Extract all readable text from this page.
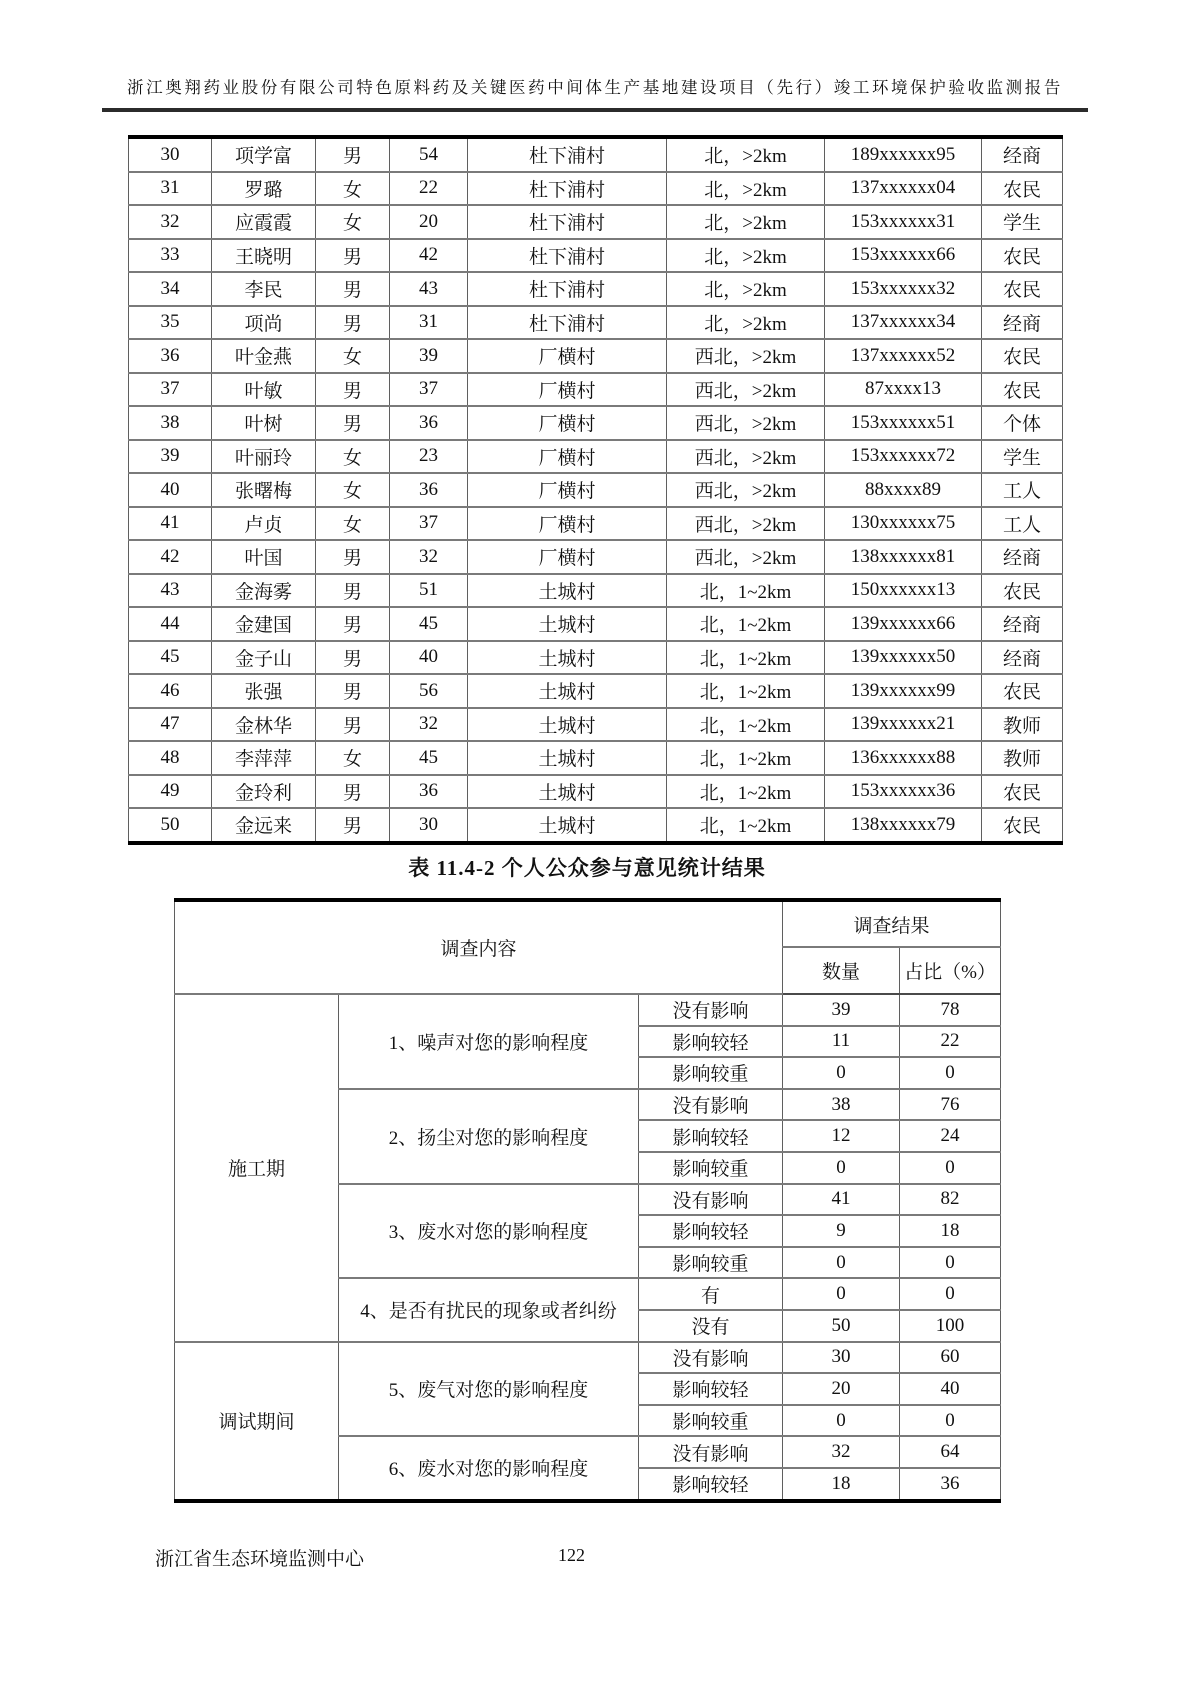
浙江奥翔药业股份有限公司特色原料药及关键医药中间体生产基地建设项目（先行）竣工环境保护验收监测报告
30	项学富	男	54	杜下浦村	北，>2km	189xxxxxx95	经商
31	罗璐	女	22	杜下浦村	北，>2km	137xxxxxx04	农民
32	应霞霞	女	20	杜下浦村	北，>2km	153xxxxxx31	学生
33	王晓明	男	42	杜下浦村	北，>2km	153xxxxxx66	农民
34	李民	男	43	杜下浦村	北，>2km	153xxxxxx32	农民
35	项尚	男	31	杜下浦村	北，>2km	137xxxxxx34	经商
36	叶金燕	女	39	厂横村	西北，>2km	137xxxxxx52	农民
37	叶敏	男	37	厂横村	西北，>2km	87xxxx13	农民
38	叶树	男	36	厂横村	西北，>2km	153xxxxxx51	个体
39	叶丽玲	女	23	厂横村	西北，>2km	153xxxxxx72	学生
40	张曙梅	女	36	厂横村	西北，>2km	88xxxx89	工人
41	卢贞	女	37	厂横村	西北，>2km	130xxxxxx75	工人
42	叶国	男	32	厂横村	西北，>2km	138xxxxxx81	经商
43	金海雾	男	51	土城村	北，1~2km	150xxxxxx13	农民
44	金建国	男	45	土城村	北，1~2km	139xxxxxx66	经商
45	金子山	男	40	土城村	北，1~2km	139xxxxxx50	经商
46	张强	男	56	土城村	北，1~2km	139xxxxxx99	农民
47	金林华	男	32	土城村	北，1~2km	139xxxxxx21	教师
48	李萍萍	女	45	土城村	北，1~2km	136xxxxxx88	教师
49	金玲利	男	36	土城村	北，1~2km	153xxxxxx36	农民
50	金远来	男	30	土城村	北，1~2km	138xxxxxx79	农民
表 11.4-2 个人公众参与意见统计结果
调查内容			调查结果	
			数量	占比（%）
施工期	1、噪声对您的影响程度	没有影响	39	78
		影响较轻	11	22
		影响较重	0	0
	2、扬尘对您的影响程度	没有影响	38	76
		影响较轻	12	24
		影响较重	0	0
	3、废水对您的影响程度	没有影响	41	82
		影响较轻	9	18
		影响较重	0	0
	4、是否有扰民的现象或者纠纷	有	0	0
		没有	50	100
调试期间	5、废气对您的影响程度	没有影响	30	60
		影响较轻	20	40
		影响较重	0	0
	6、废水对您的影响程度	没有影响	32	64
		影响较轻	18	36
浙江省生态环境监测中心	122
